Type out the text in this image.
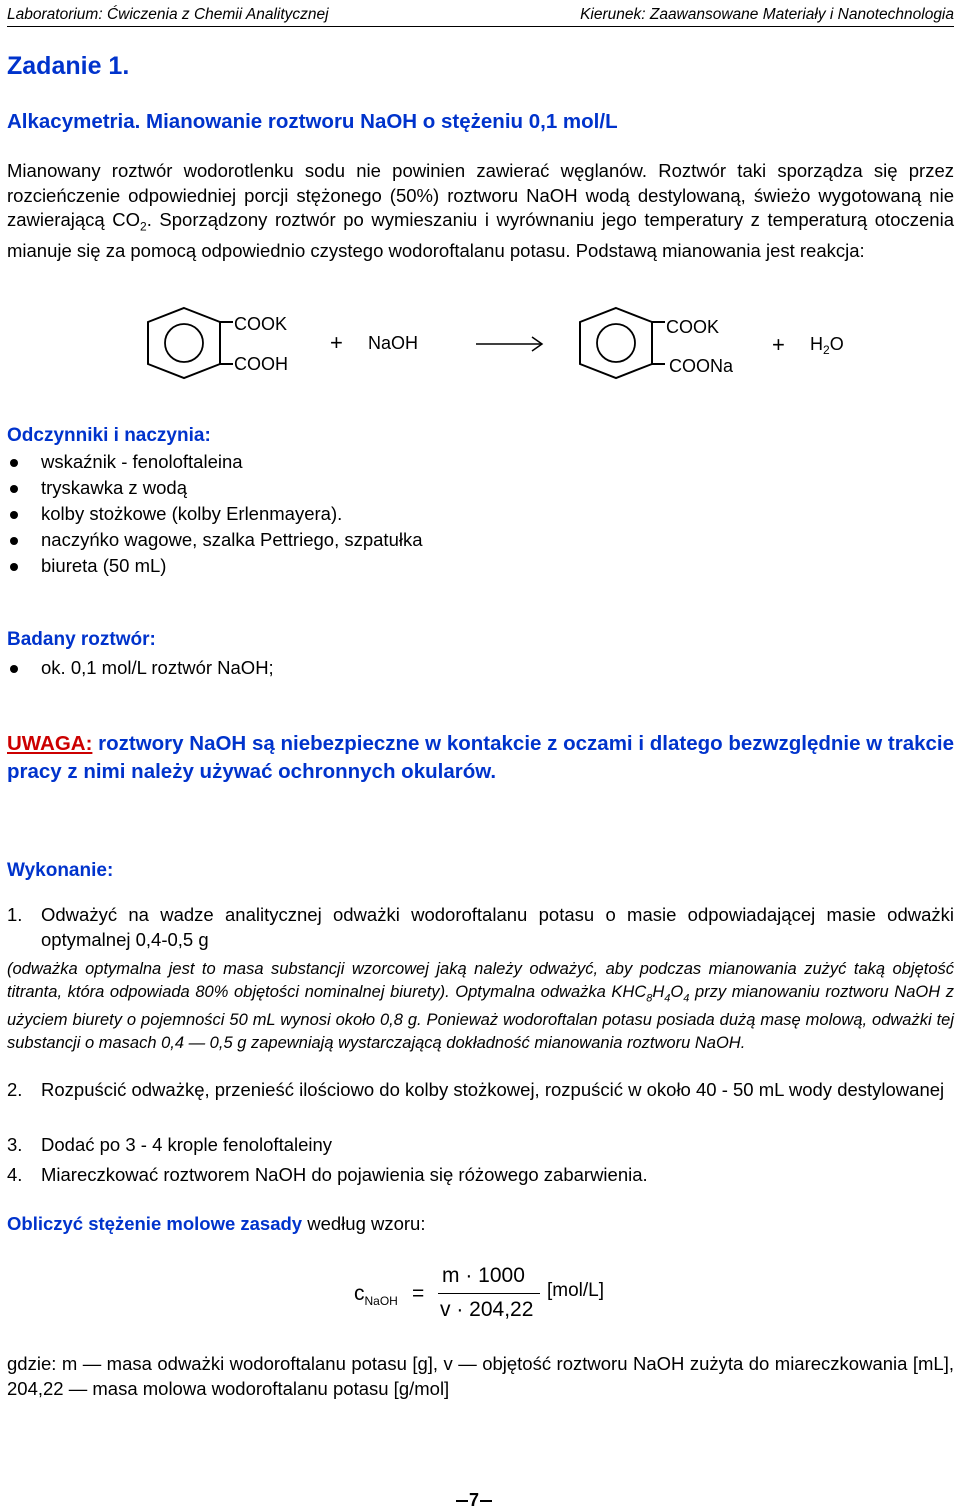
Laboratorium: Ćwiczenia z Chemii Analitycznej	Kierunek: Zaawansowane Materiały i Nanotechnologia
Zadanie 1.
Alkacymetria. Mianowanie roztworu NaOH o stężeniu 0,1 mol/L
Mianowany roztwór wodorotlenku sodu nie powinien zawierać węglanów. Roztwór taki sporządza się przez rozcieńczenie odpowiedniej porcji stężonego (50%) roztworu NaOH wodą destylowaną, świeżo wygotowaną nie zawierającą $CO_2$. Sporządzony roztwór po wymieszaniu i wyrównaniu jego temperatury z temperaturą otoczenia mianuje się za pomocą odpowiednio czystego wodoroftalanu potasu. Podstawą mianowania jest reakcja:
COOK
COOH
+ NaOH
COOK
COONa
+ $H_2O$
Odczynniki i naczynia:
wskaźnik - fenoloftaleina
tryskawka z wodą
kolby stożkowe (kolby Erlenmayera).
naczyńko wagowe, szalka Pettriego, szpatułka
biureta (50 mL)
Badany roztwór:
ok. 0,1 mol/L roztwór NaOH;
UWAGA: roztwory NaOH są niebezpieczne w kontakcie z oczami i dlatego bezwzględnie w trakcie pracy z nimi należy używać ochronnych okularów.
Wykonanie:
1. Odważyć na wadze analitycznej odważki wodoroftalanu potasu o masie odpowiadającej masie odważki optymalnej 0,4-0,5 g
(odważka optymalna jest to masa substancji wzorcowej jaką należy odważyć, aby podczas mianowania zużyć taką objętość titranta, która odpowiada 80% objętości nominalnej biurety). Optymalna odważka $KHC_8H_4O_4$ przy mianowaniu roztworu NaOH z użyciem biurety o pojemności 50 mL wynosi około 0,8 g. Ponieważ wodoroftalan potasu posiada dużą masę molową, odważki tej substancji o masach 0,4 ― 0,5 g zapewniają wystarczającą dokładność mianowania roztworu NaOH.
2. Rozpuścić odważkę, przenieść ilościowo do kolby stożkowej, rozpuścić w około 40 - 50 mL wody destylowanej
3. Dodać po 3 - 4 krople fenoloftaleiny
4. Miareczkować roztworem NaOH do pojawienia się różowego zabarwienia.
Obliczyć stężenie molowe zasady według wzoru:
$c_{NaOH}$ =
m · 1000
v · 204,22
[mol/L]
gdzie: m ― masa odważki wodoroftalanu potasu [g], v ― objętość roztworu NaOH zużyta do miareczkowania [mL], 204,22 ― masa molowa wodoroftalanu potasu [g/mol]
7
